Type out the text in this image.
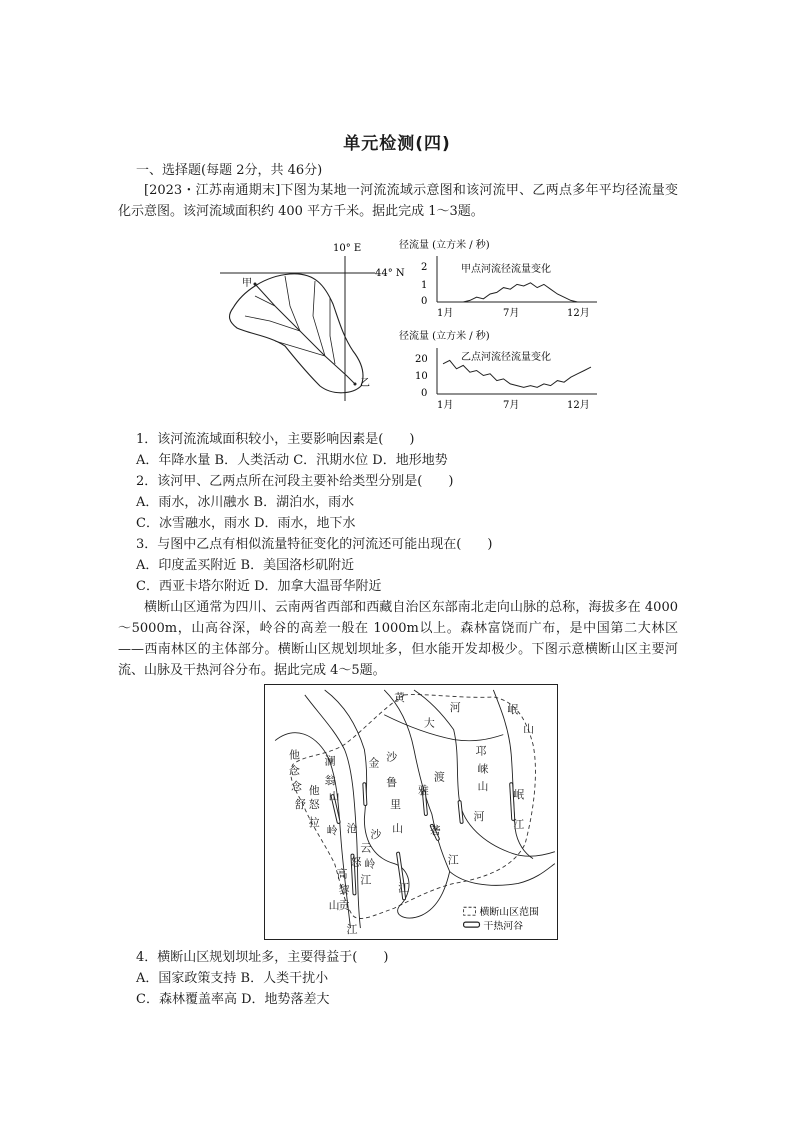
单元检测(四)
一、选择题(每题 2分，共 46分)
[2023・江苏南通期末]下图为某地一河流流域示意图和该河流甲、乙两点多年平均径流量变化示意图。该河流域面积约 400 平方千米。据此完成 1～3题。
10° E
44° N
甲
乙
径流量 (立方米 / 秒)
甲点河流径流量变化
2
1
0
1月	7月	12月
径流量 (立方米 / 秒)
乙点河流径流量变化
20
10
0
1月	7月	12月
1．该河流流域面积较小，主要影响因素是(　　)
A．年降水量 B．人类活动 C．汛期水位 D．地形地势
2．该河甲、乙两点所在河段主要补给类型分别是(　　)
A．雨水，冰川融水 B．湖泊水，雨水
C．冰雪融水，雨水 D．雨水，地下水
3．与图中乙点有相似流量特征变化的河流还可能出现在(　　)
A．印度孟买附近 B．美国洛杉矶附近
C．西亚卡塔尔附近 D．加拿大温哥华附近
横断山区通常为四川、云南两省西部和西藏自治区东部南北走向山脉的总称，海拔多在 4000～5000m，山高谷深，岭谷的高差一般在 1000m以上。森林富饶而广布，是中国第二大林区——西南林区的主体部分。横断山区规划坝址多，但水能开发却极少。下图示意横断山区主要河流、山脉及干热河谷分布。据此完成 4～5题。
黄
河
大
岷
山
邛
崃
山
渡
河
岷
江
金 沙
鲁
里
山
雅
砻
江
他
念
他
翁
山
澜
念
舒 怒
拉 沧
岭	沙
云
怒 岭
江
高
黎
贡
山
江
江
横断山区范围
干热河谷
4．横断山区规划坝址多，主要得益于(　　)
A．国家政策支持 B．人类干扰小
C．森林覆盖率高 D．地势落差大
